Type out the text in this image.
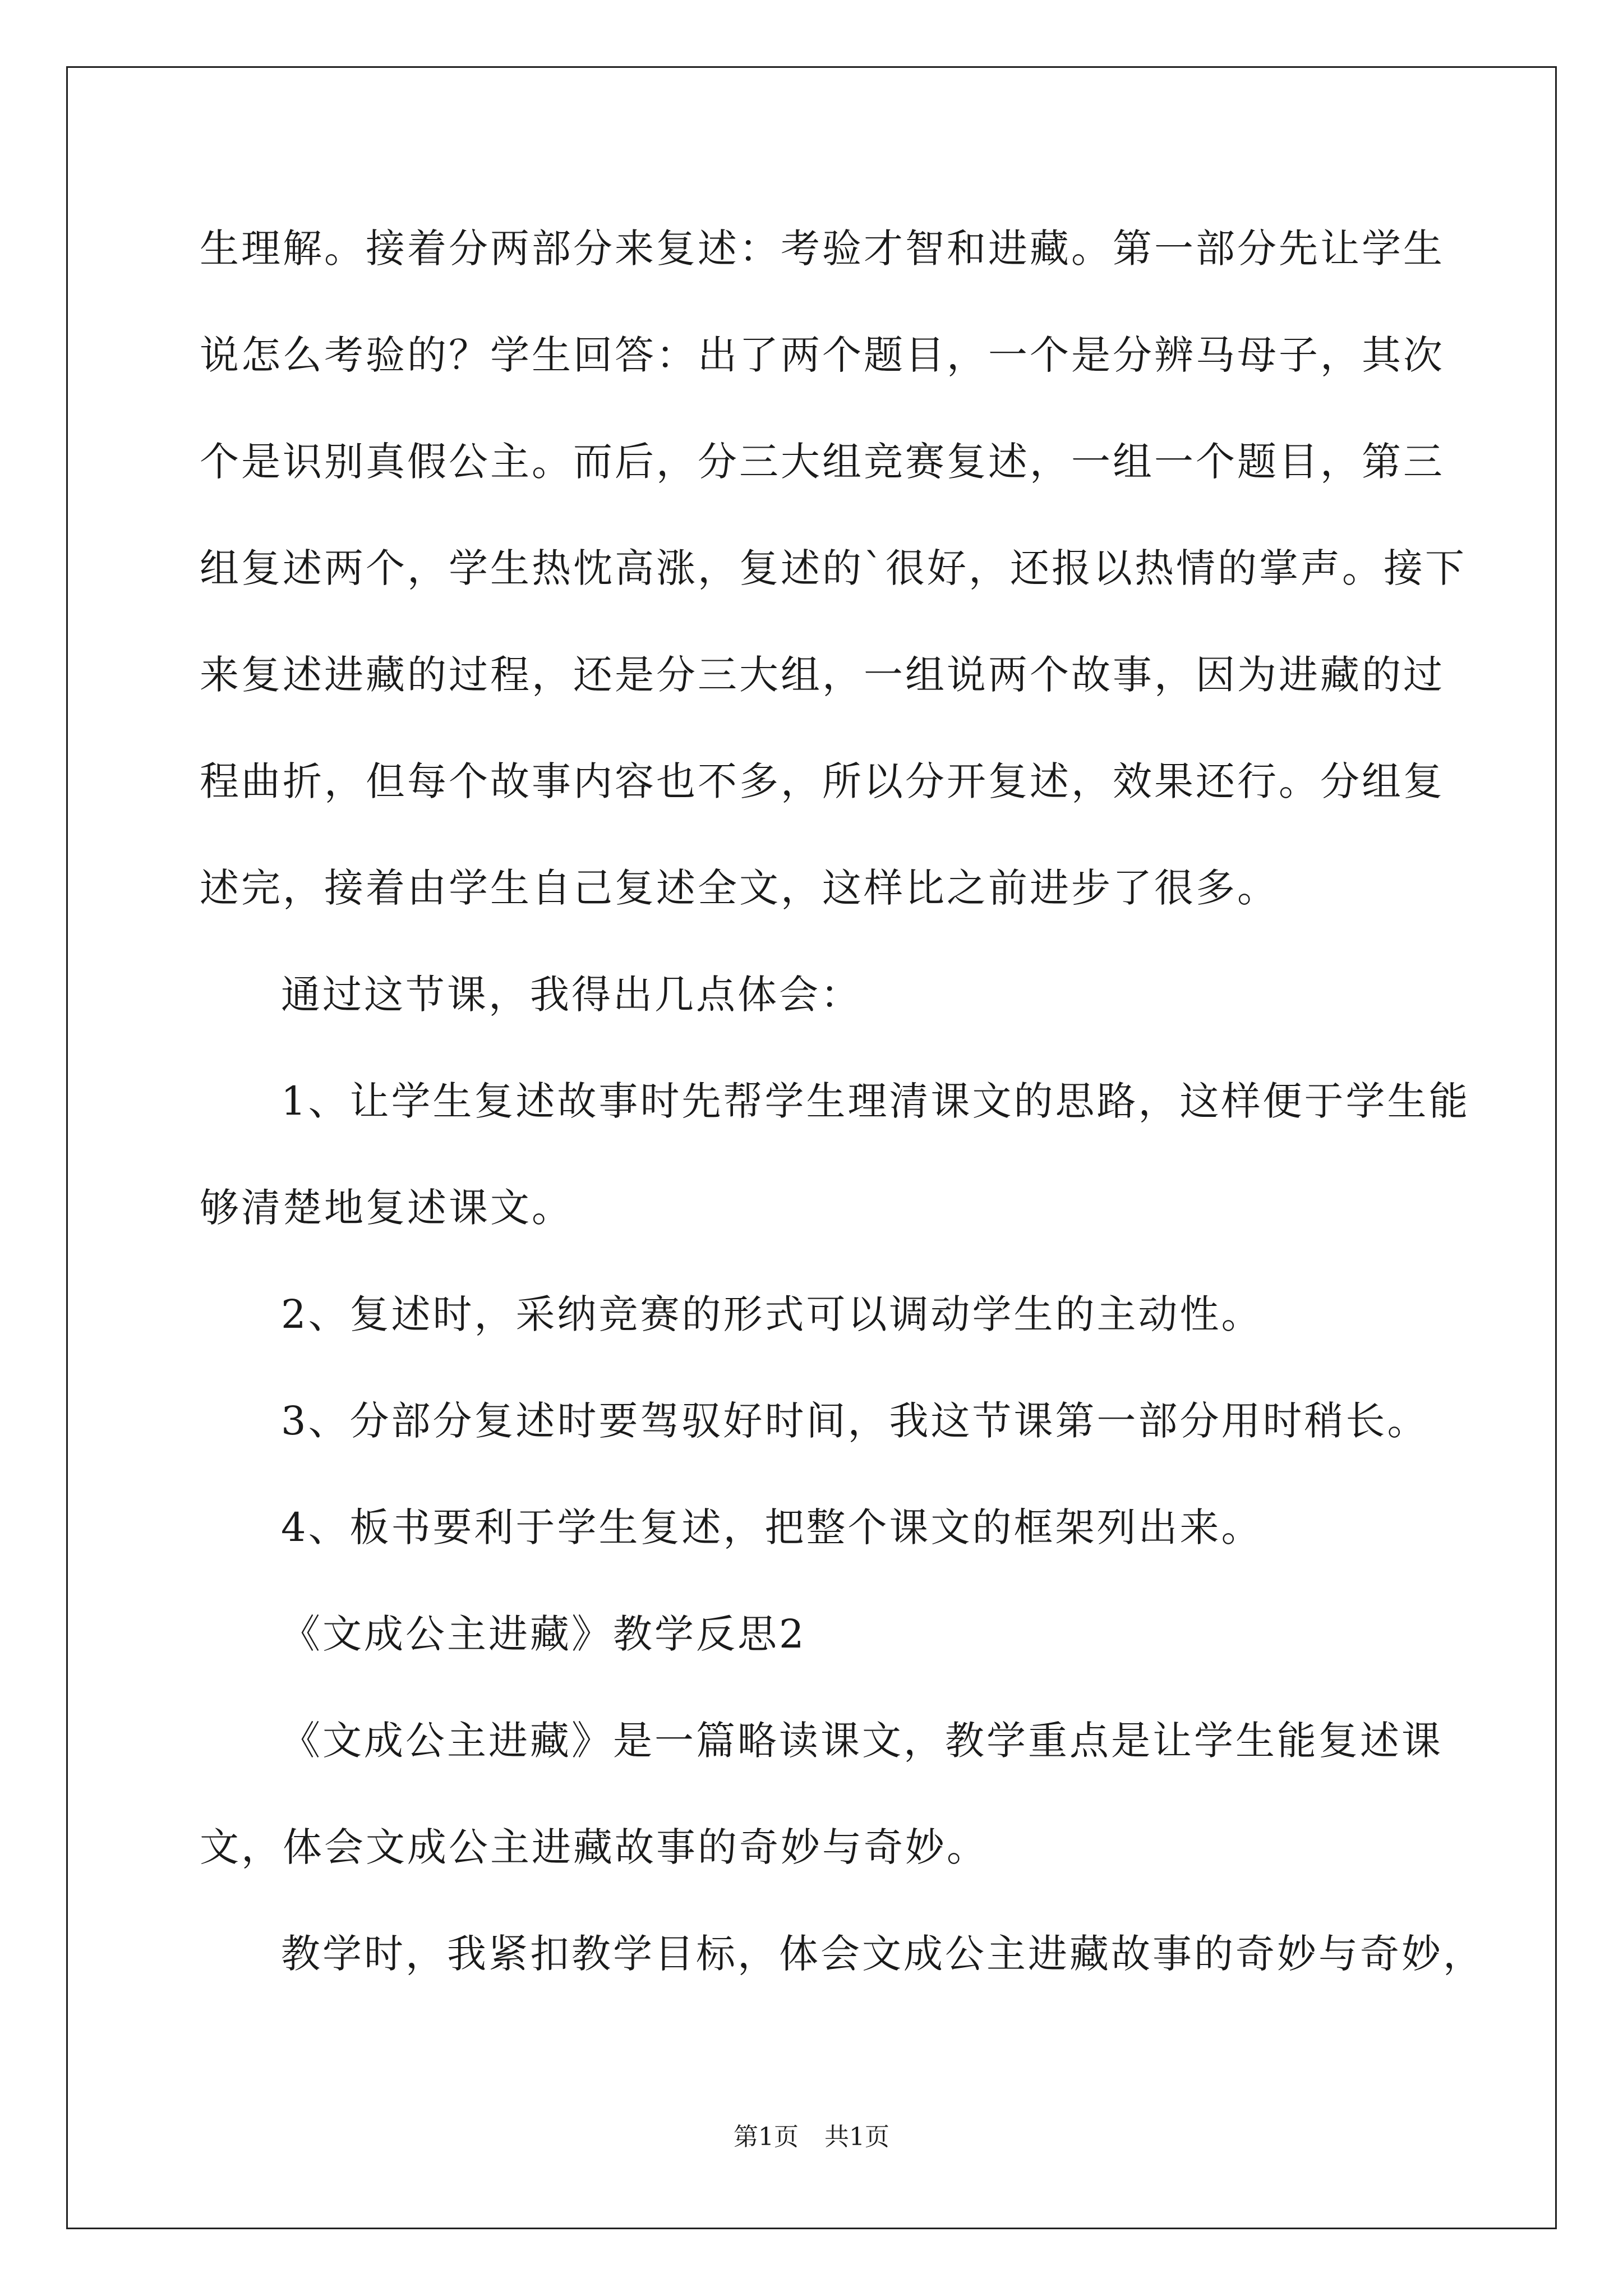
生理解。接着分两部分来复述：考验才智和进藏。第一部分先让学生
说怎么考验的？学生回答：出了两个题目，一个是分辨马母子，其次
个是识别真假公主。而后，分三大组竞赛复述，一组一个题目，第三
组复述两个，学生热忱高涨，复述的`很好，还报以热情的掌声。接下
来复述进藏的过程，还是分三大组，一组说两个故事，因为进藏的过
程曲折，但每个故事内容也不多，所以分开复述，效果还行。分组复
述完，接着由学生自己复述全文，这样比之前进步了很多。
通过这节课，我得出几点体会：
1、让学生复述故事时先帮学生理清课文的思路，这样便于学生能
够清楚地复述课文。
2、复述时，采纳竞赛的形式可以调动学生的主动性。
3、分部分复述时要驾驭好时间，我这节课第一部分用时稍长。
4、板书要利于学生复述，把整个课文的框架列出来。
《文成公主进藏》教学反思2
《文成公主进藏》是一篇略读课文，教学重点是让学生能复述课
文，体会文成公主进藏故事的奇妙与奇妙。
教学时，我紧扣教学目标，体会文成公主进藏故事的奇妙与奇妙，
第1页 共1页
